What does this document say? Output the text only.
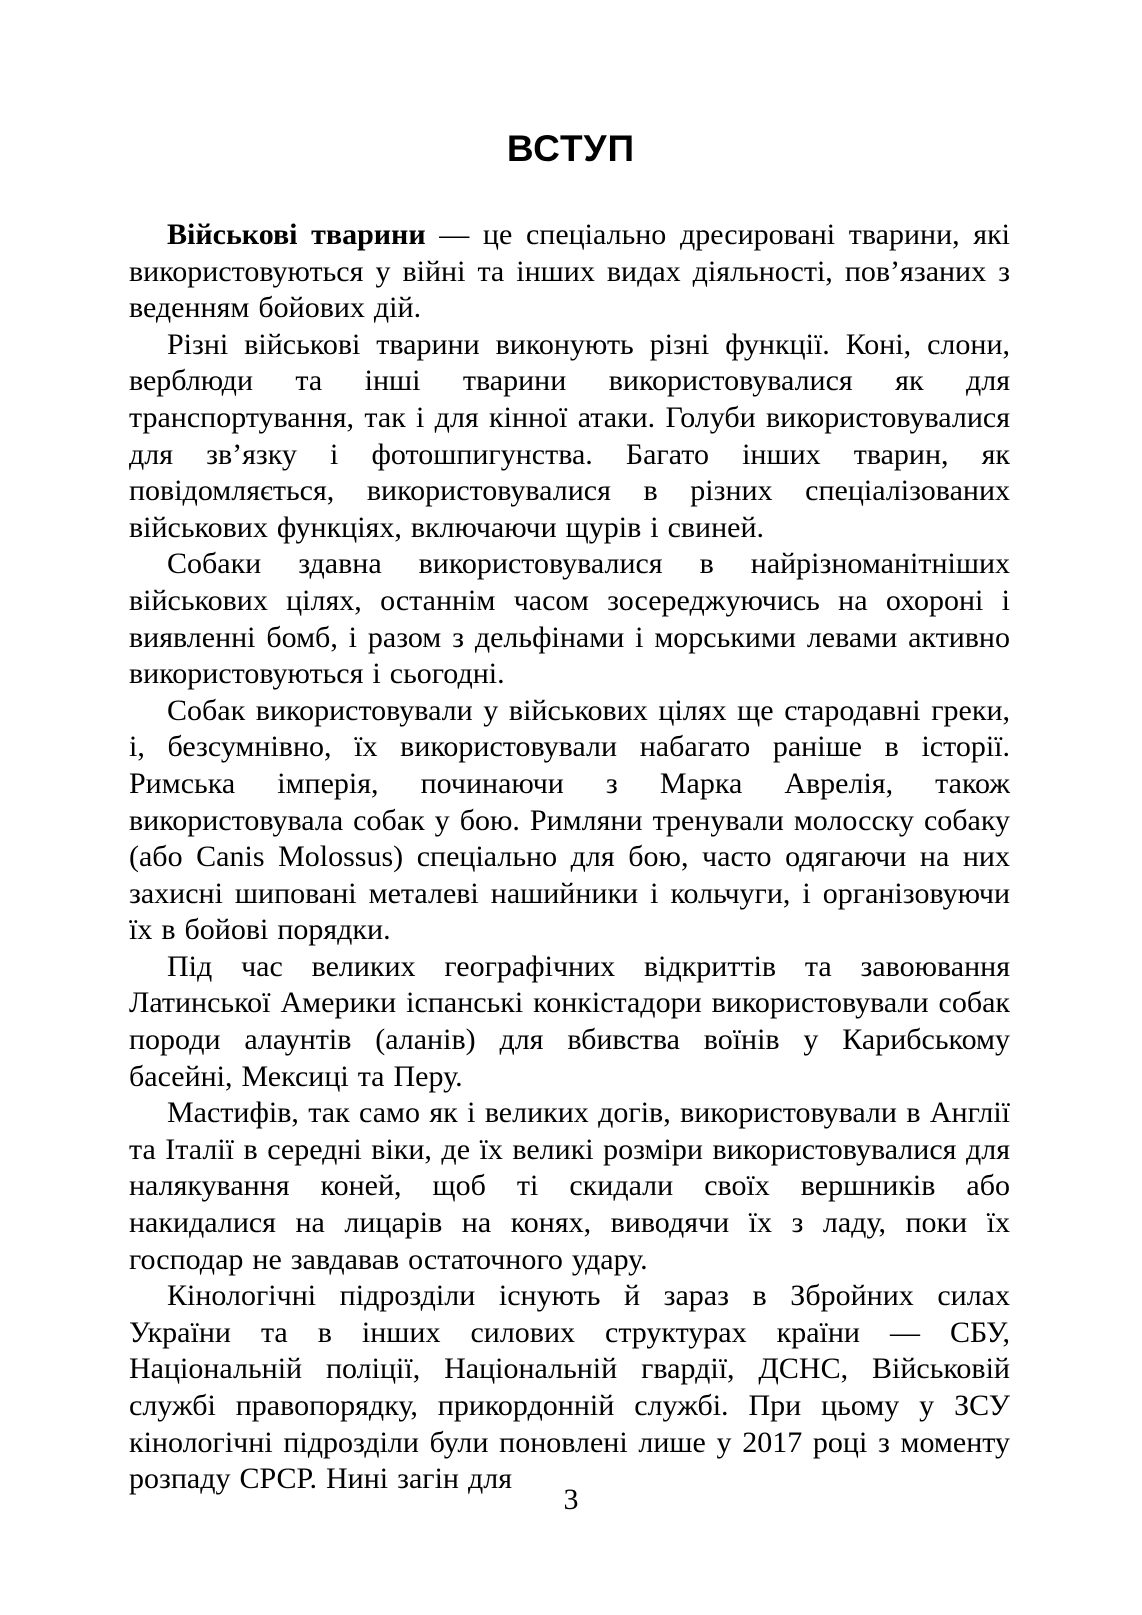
ВСТУП

Військові тварини — це спеціально дресировані тварини, які використовуються у війні та інших видах діяльності, пов’язаних з веденням бойових дій.

Різні військові тварини виконують різні функції. Коні, слони, верблюди та інші тварини використовувалися як для транспортування, так і для кінної атаки. Голуби використовувалися для зв’язку і фотошпигунства. Багато інших тварин, як повідомляється, використовувалися в різних спеціалізованих військових функціях, включаючи щурів і свиней.

Собаки здавна використовувалися в найрізноманітніших військових цілях, останнім часом зосереджуючись на охороні і виявленні бомб, і разом з дельфінами і морськими левами активно використовуються і сьогодні.

Собак використовували у військових цілях ще стародавні греки, і, безсумнівно, їх використовували набагато раніше в історії. Римська імперія, починаючи з Марка Аврелія, також використовувала собак у бою. Римляни тренували молосску собаку (або Canis Molossus) спеціально для бою, часто одягаючи на них захисні шиповані металеві нашийники і кольчуги, і організовуючи їх в бойові порядки.

Під час великих географічних відкриттів та завоювання Латинської Америки іспанські конкістадори використовували собак породи алаунтів (аланів) для вбивства воїнів у Карибському басейні, Мексиці та Перу.

Мастифів, так само як і великих догів, використовували в Англії та Італії в середні віки, де їх великі розміри використовувалися для налякування коней, щоб ті скидали своїх вершників або накидалися на лицарів на конях, виводячи їх з ладу, поки їх господар не завдавав остаточного удару.

Кінологічні підрозділи існують й зараз в Збройних силах України та в інших силових структурах країни — СБУ, Національній поліції, Національній гвардії, ДСНС, Військовій службі правопорядку, прикордонній службі. При цьому у ЗСУ кінологічні підрозділи були поновлені лише у 2017 році з моменту розпаду СРСР. Нині загін для

3
